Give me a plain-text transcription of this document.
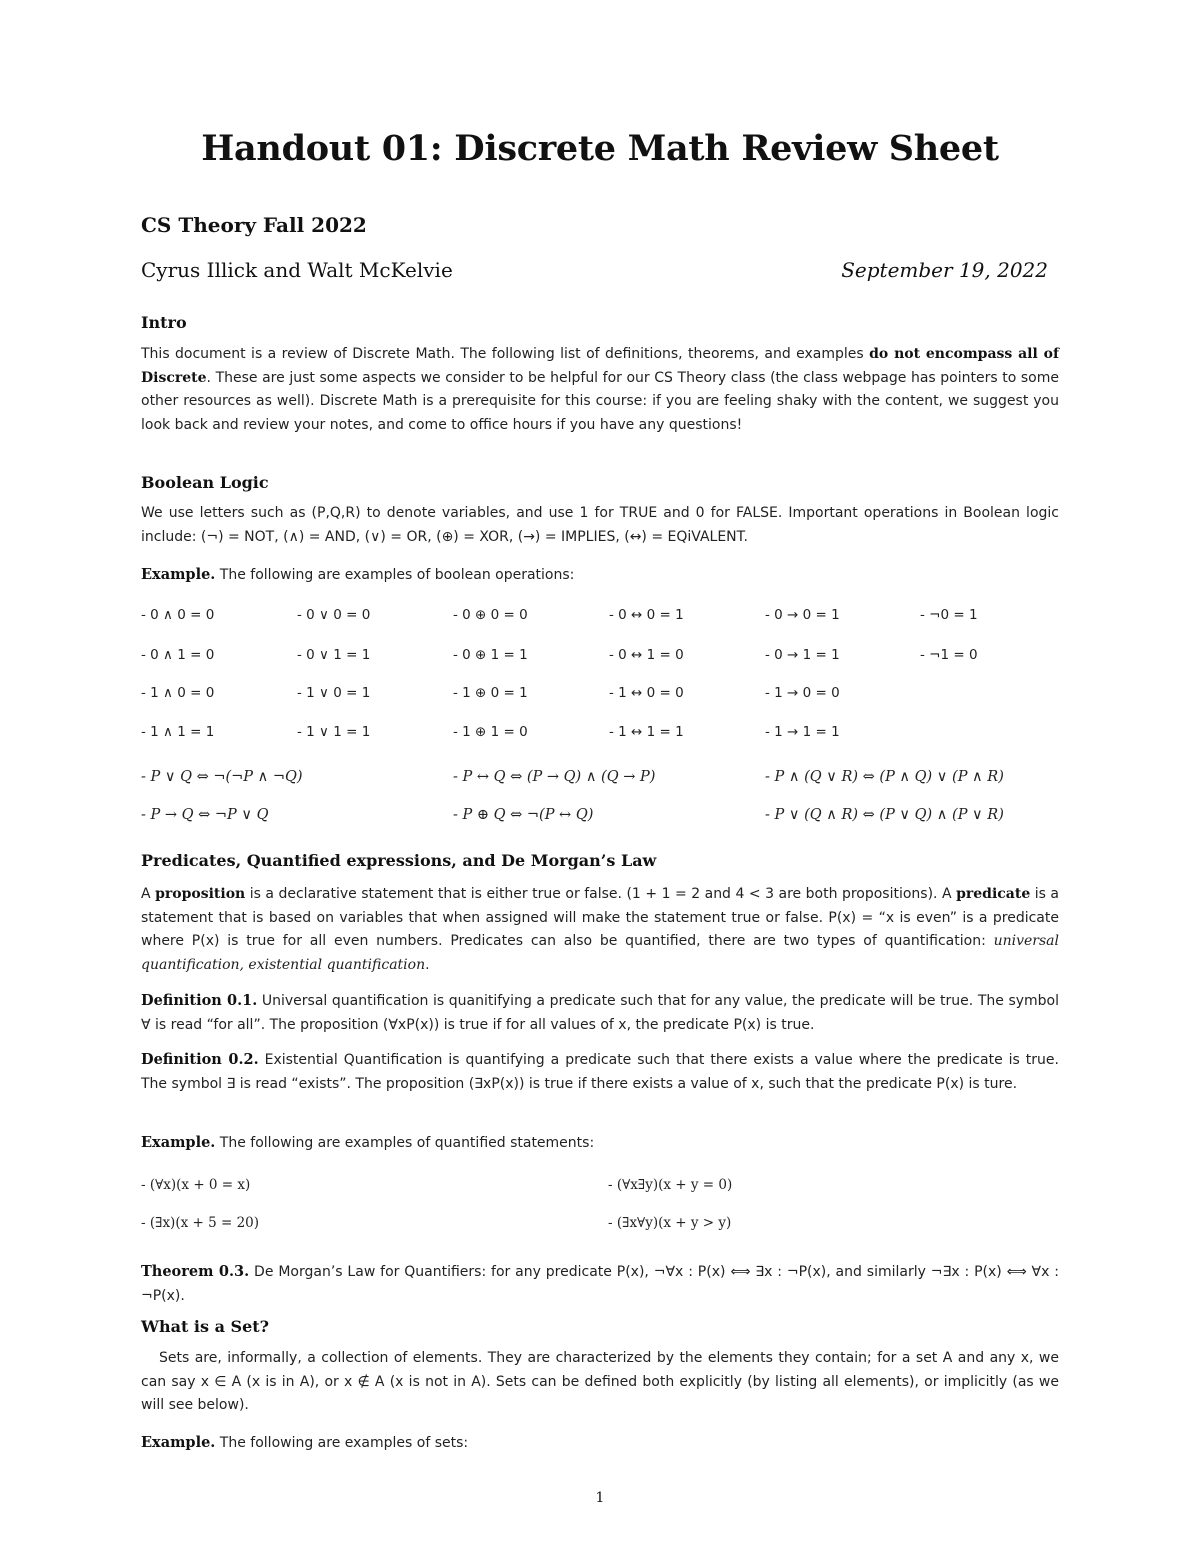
Handout 01: Discrete Math Review Sheet
CS Theory Fall 2022
Cyrus Illick and Walt McKelvie	September 19, 2022
Intro
This document is a review of Discrete Math. The following list of definitions, theorems, and examples do not encompass all of Discrete. These are just some aspects we consider to be helpful for our CS Theory class (the class webpage has pointers to some other resources as well). Discrete Math is a prerequisite for this course: if you are feeling shaky with the content, we suggest you look back and review your notes, and come to office hours if you have any questions!
Boolean Logic
We use letters such as (P,Q,R) to denote variables, and use 1 for TRUE and 0 for FALSE. Important operations in Boolean logic include: (¬) = NOT, (∧) = AND, (∨) = OR, (⊕) = XOR, (→) = IMPLIES, (↔) = EQiVALENT.
Example. The following are examples of boolean operations:
- 0 ∧ 0 = 0	- 0 ∨ 0 = 0	- 0 ⊕ 0 = 0	- 0 ↔ 0 = 1	- 0 → 0 = 1	- ¬0 = 1
- 0 ∧ 1 = 0	- 0 ∨ 1 = 1	- 0 ⊕ 1 = 1	- 0 ↔ 1 = 0	- 0 → 1 = 1	- ¬1 = 0
- 1 ∧ 0 = 0	- 1 ∨ 0 = 1	- 1 ⊕ 0 = 1	- 1 ↔ 0 = 0	- 1 → 0 = 0
- 1 ∧ 1 = 1	- 1 ∨ 1 = 1	- 1 ⊕ 1 = 0	- 1 ↔ 1 = 1	- 1 → 1 = 1
- P ∨ Q ⇔ ¬(¬P ∧ ¬Q)	- P ↔ Q ⇔ (P → Q) ∧ (Q → P)	- P ∧ (Q ∨ R) ⇔ (P ∧ Q) ∨ (P ∧ R)
- P → Q ⇔ ¬P ∨ Q	- P ⊕ Q ⇔ ¬(P ↔ Q)	- P ∨ (Q ∧ R) ⇔ (P ∨ Q) ∧ (P ∨ R)
Predicates, Quantified expressions, and De Morgan’s Law
A proposition is a declarative statement that is either true or false. (1 + 1 = 2 and 4 < 3 are both propositions). A predicate is a statement that is based on variables that when assigned will make the statement true or false. P(x) = “x is even” is a predicate where P(x) is true for all even numbers. Predicates can also be quantified, there are two types of quantification: universal quantification, existential quantification.
Definition 0.1. Universal quantification is quanitifying a predicate such that for any value, the predicate will be true. The symbol ∀ is read “for all”. The proposition (∀xP(x)) is true if for all values of x, the predicate P(x) is true.
Definition 0.2. Existential Quantification is quantifying a predicate such that there exists a value where the predicate is true. The symbol ∃ is read “exists”. The proposition (∃xP(x)) is true if there exists a value of x, such that the predicate P(x) is ture.
Example. The following are examples of quantified statements:
- (∀x)(x + 0 = x)	- (∀x∃y)(x + y = 0)
- (∃x)(x + 5 = 20)	- (∃x∀y)(x + y > y)
Theorem 0.3. De Morgan’s Law for Quantifiers: for any predicate P(x), ¬∀x : P(x) ⟺ ∃x : ¬P(x), and similarly ¬∃x : P(x) ⟺ ∀x : ¬P(x).
What is a Set?
Sets are, informally, a collection of elements. They are characterized by the elements they contain; for a set A and any x, we can say x ∈ A (x is in A), or x ∉ A (x is not in A). Sets can be defined both explicitly (by listing all elements), or implicitly (as we will see below).
Example. The following are examples of sets:
1
